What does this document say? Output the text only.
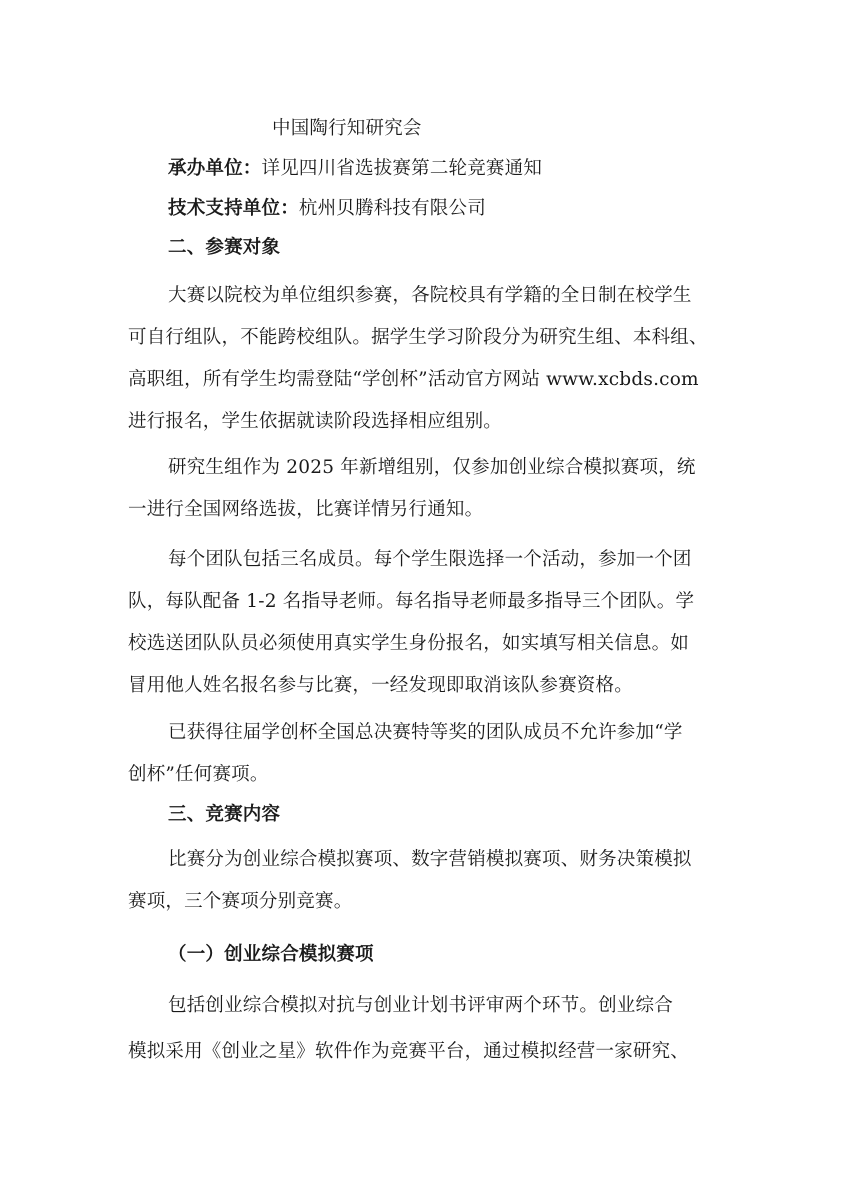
中国陶行知研究会
承办单位：详见四川省选拔赛第二轮竞赛通知
技术支持单位：杭州贝腾科技有限公司
二、参赛对象
大赛以院校为单位组织参赛，各院校具有学籍的全日制在校学生
可自行组队，不能跨校组队。据学生学习阶段分为研究生组、本科组、
高职组，所有学生均需登陆“学创杯”活动官方网站 www.xcbds.com
进行报名，学生依据就读阶段选择相应组别。
研究生组作为 2025 年新增组别，仅参加创业综合模拟赛项，统
一进行全国网络选拔，比赛详情另行通知。
每个团队包括三名成员。每个学生限选择一个活动，参加一个团
队，每队配备 1-2 名指导老师。每名指导老师最多指导三个团队。学
校选送团队队员必须使用真实学生身份报名，如实填写相关信息。如
冒用他人姓名报名参与比赛，一经发现即取消该队参赛资格。
已获得往届学创杯全国总决赛特等奖的团队成员不允许参加“学
创杯”任何赛项。
三、竞赛内容
比赛分为创业综合模拟赛项、数字营销模拟赛项、财务决策模拟
赛项，三个赛项分别竞赛。
（一）创业综合模拟赛项
包括创业综合模拟对抗与创业计划书评审两个环节。创业综合
模拟采用《创业之星》软件作为竞赛平台，通过模拟经营一家研究、
